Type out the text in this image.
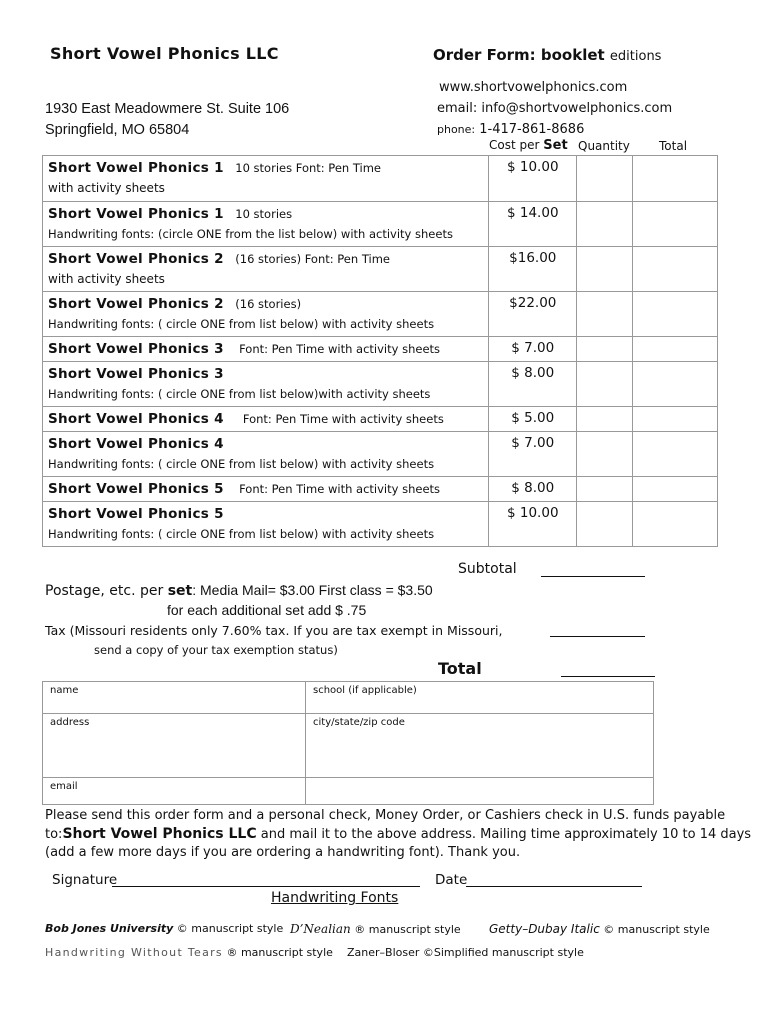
Short Vowel Phonics LLC	Order Form: booklet editions
www.shortvowelphonics.com
1930 East Meadowmere St. Suite 106
Springfield, MO 65804
email: info@shortvowelphonics.com
phone: 1-417-861-8686
Cost per Set Quantity Total
Short Vowel Phonics 1 10 stories Font: Pen Time
with activity sheets	$ 10.00		
Short Vowel Phonics 1 10 stories
Handwriting fonts: (circle ONE from the list below) with activity sheets	$ 14.00		
Short Vowel Phonics 2 (16 stories) Font: Pen Time
with activity sheets	$16.00		
Short Vowel Phonics 2 (16 stories)
Handwriting fonts: ( circle ONE from list below) with activity sheets	$22.00		
Short Vowel Phonics 3 Font: Pen Time with activity sheets	$ 7.00		
Short Vowel Phonics 3
Handwriting fonts: ( circle ONE from list below)with activity sheets	$ 8.00		
Short Vowel Phonics 4 Font: Pen Time with activity sheets	$ 5.00		
Short Vowel Phonics 4
Handwriting fonts: ( circle ONE from list below) with activity sheets	$ 7.00		
Short Vowel Phonics 5 Font: Pen Time with activity sheets	$ 8.00		
Short Vowel Phonics 5
Handwriting fonts: ( circle ONE from list below) with activity sheets	$ 10.00		
Subtotal
Postage, etc. per set: Media Mail= $3.00 First class = $3.50
for each additional set add $ .75
Tax (Missouri residents only 7.60% tax. If you are tax exempt in Missouri,
send a copy of your tax exemption status)
Total
name	school (if applicable)
address	city/state/zip code
email	
Please send this order form and a personal check, Money Order, or Cashiers check in U.S. funds payable
to:Short Vowel Phonics LLC and mail it to the above address. Mailing time approximately 10 to 14 days
(add a few more days if you are ordering a handwriting font). Thank you.
Signature	Date
Handwriting Fonts
Bob Jones University © manuscript style D’Nealian ® manuscript style Getty–Dubay Italic © manuscript style
Handwriting Without Tears ® manuscript style Zaner–Bloser ©Simplified manuscript style
